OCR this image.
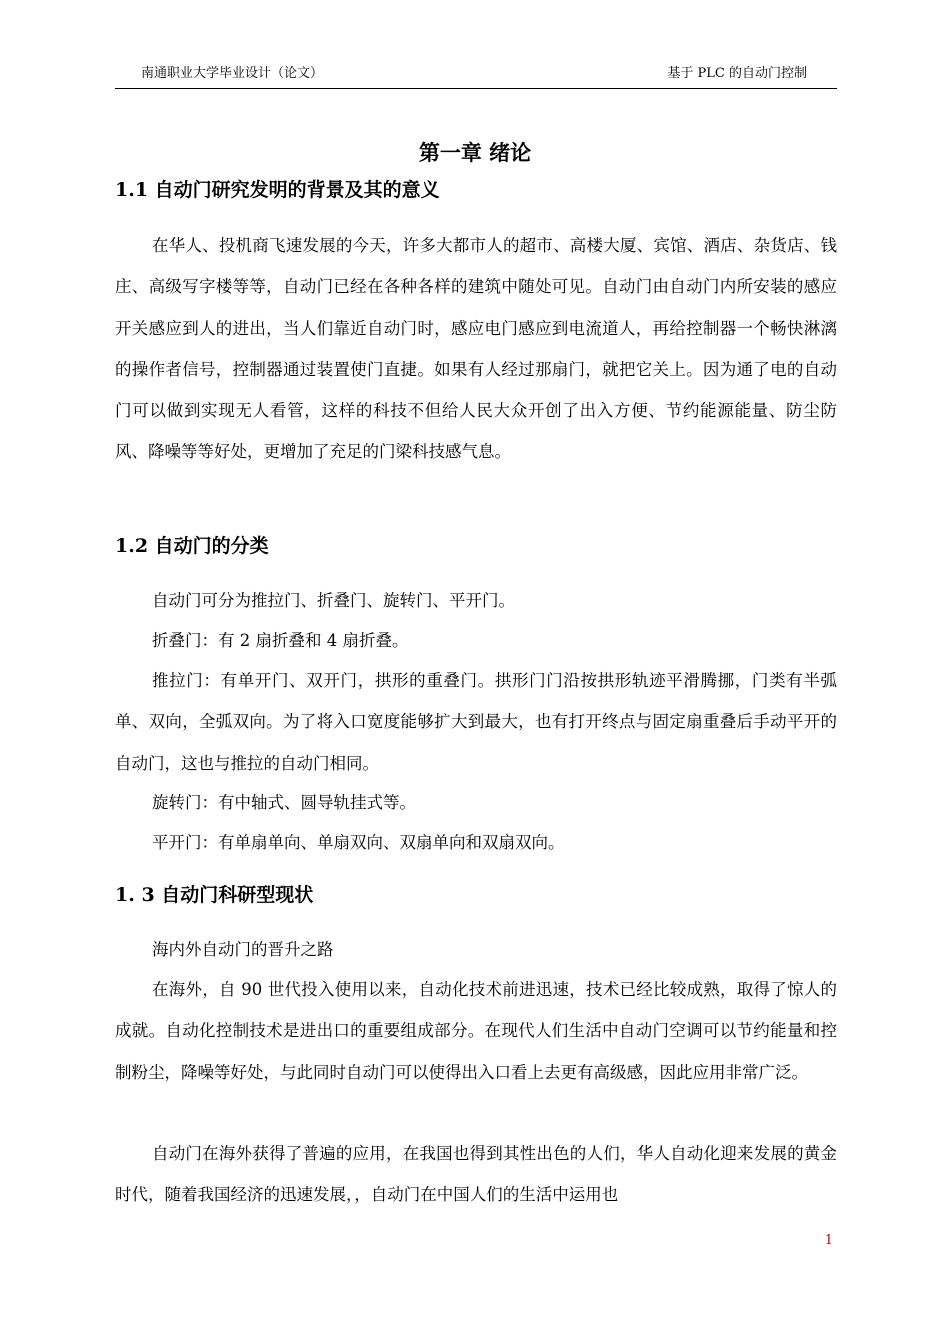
南通职业大学毕业设计（论文）	基于 PLC 的自动门控制
第一章 绪论
1.1 自动门研究发明的背景及其的意义

在华人、投机商飞速发展的今天，许多大都市人的超市、高楼大厦、宾馆、酒店、杂货店、钱庄、高级写字楼等等，自动门已经在各种各样的建筑中随处可见。自动门由自动门内所安装的感应开关感应到人的进出，当人们靠近自动门时，感应电门感应到电流道人，再给控制器一个畅快淋漓的操作者信号，控制器通过装置使门直捷。如果有人经过那扇门，就把它关上。因为通了电的自动门可以做到实现无人看管，这样的科技不但给人民大众开创了出入方便、节约能源能量、防尘防风、降噪等等好处，更增加了充足的门梁科技感气息。

1.2 自动门的分类
自动门可分为推拉门、折叠门、旋转门、平开门。
折叠门：有 2 扇折叠和 4 扇折叠。

推拉门：有单开门、双开门，拱形的重叠门。拱形门门沿按拱形轨迹平滑腾挪，门类有半弧单、双向，全弧双向。为了将入口宽度能够扩大到最大，也有打开终点与固定扇重叠后手动平开的自动门，这也与推拉的自动门相同。

旋转门：有中轴式、圆导轨挂式等。
平开门：有单扇单向、单扇双向、双扇单向和双扇双向。
1. 3 自动门科研型现状
海内外自动门的晋升之路

在海外，自 90 世代投入使用以来，自动化技术前进迅速，技术已经比较成熟，取得了惊人的成就。自动化控制技术是进出口的重要组成部分。在现代人们生活中自动门空调可以节约能量和控制粉尘，降噪等好处，与此同时自动门可以使得出入口看上去更有高级感，因此应用非常广泛。

自动门在海外获得了普遍的应用，在我国也得到其性出色的人们，华人自动化迎来发展的黄金时代，随着我国经济的迅速发展，，自动门在中国人们的生活中运用也

1
